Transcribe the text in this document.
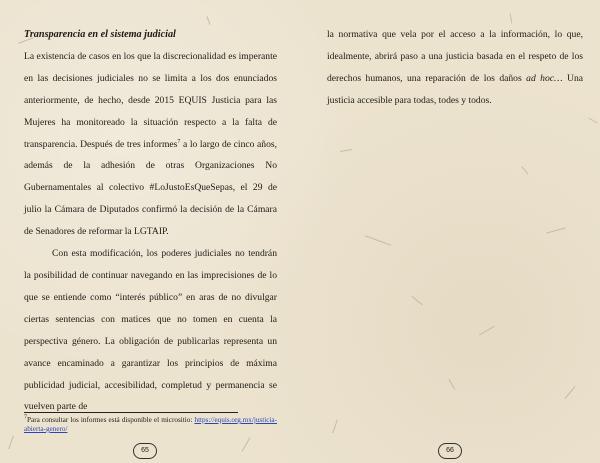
Transparencia en el sistema judicial

La existencia de casos en los que la discrecionalidad es imperante en las decisiones judiciales no se limita a los dos enunciados anteriormente, de hecho, desde 2015 EQUIS Justicia para las Mujeres ha monitoreado la situación respecto a la falta de transparencia. Después de tres informes$^7$ a lo largo de cinco años, además de la adhesión de otras Organizaciones No Gubernamentales al colectivo #LoJustoEsQueSepas, el 29 de julio la Cámara de Diputados confirmó la decisión de la Cámara de Senadores de reformar la LGTAIP.

Con esta modificación, los poderes judiciales no tendrán la posibilidad de continuar navegando en las imprecisiones de lo que se entiende como “interés público” en aras de no divulgar ciertas sentencias con matices que no tomen en cuenta la perspectiva género. La obligación de publicarlas representa un avance encaminado a garantizar los principios de máxima publicidad judicial, accesibilidad, completud y permanencia se vuelven parte de

$^7$Para consultar los informes está disponible el micrositio: https://equis.org.mx/justicia-abierta-genero/
65

la normativa que vela por el acceso a la información, lo que, idealmente, abrirá paso a una justicia basada en el respeto de los derechos humanos, una reparación de los daños ad hoc… Una justicia accesible para todas, todes y todos.

66
